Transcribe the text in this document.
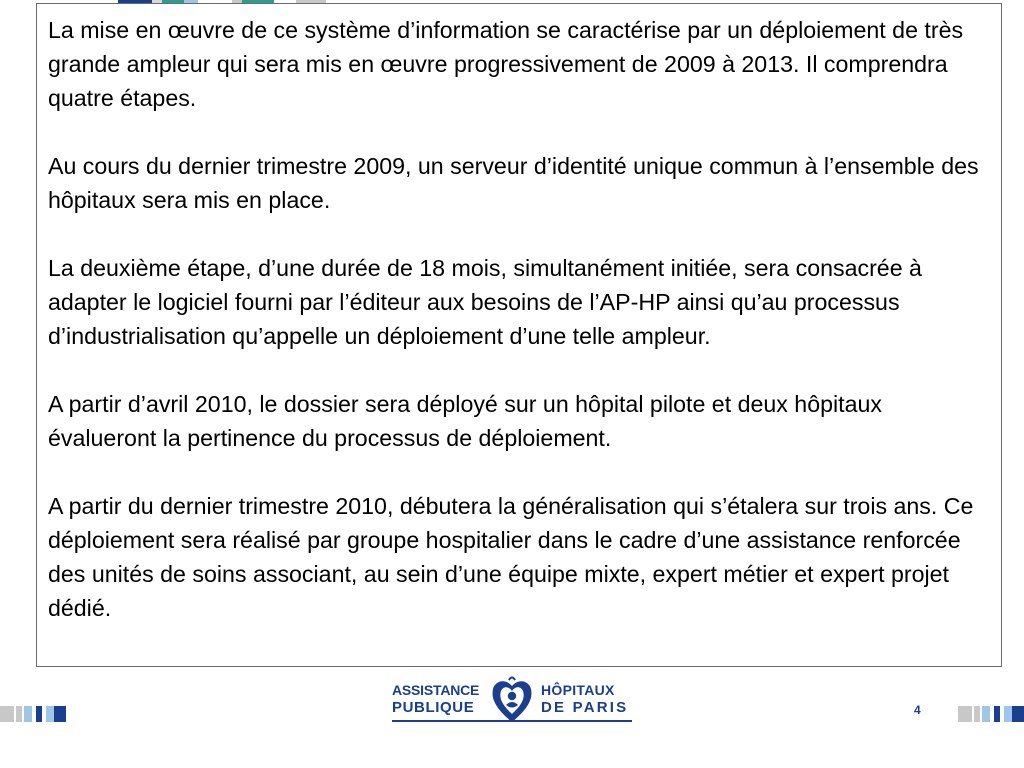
La mise en œuvre de ce système d’information se caractérise par un déploiement de très grande ampleur qui sera mis en œuvre progressivement de 2009 à 2013. Il comprendra quatre étapes.

Au cours du dernier trimestre 2009, un serveur d’identité unique commun à l’ensemble des hôpitaux sera mis en place.

La deuxième étape, d’une durée de 18 mois, simultanément initiée, sera consacrée à adapter le logiciel fourni par l’éditeur aux besoins de l’AP-HP ainsi qu’au processus d’industrialisation qu’appelle un déploiement d’une telle ampleur.

A partir d’avril 2010, le dossier sera déployé sur un hôpital pilote et deux hôpitaux évalueront la pertinence du processus de déploiement.

A partir du dernier trimestre 2010, débutera la généralisation qui s’étalera sur trois ans. Ce déploiement sera réalisé par groupe hospitalier dans le cadre d’une assistance renforcée des unités de soins associant, au sein d’une équipe mixte, expert métier et expert projet dédié.

ASSISTANCE
PUBLIQUE
HÔPITAUX
DE PARIS	4
